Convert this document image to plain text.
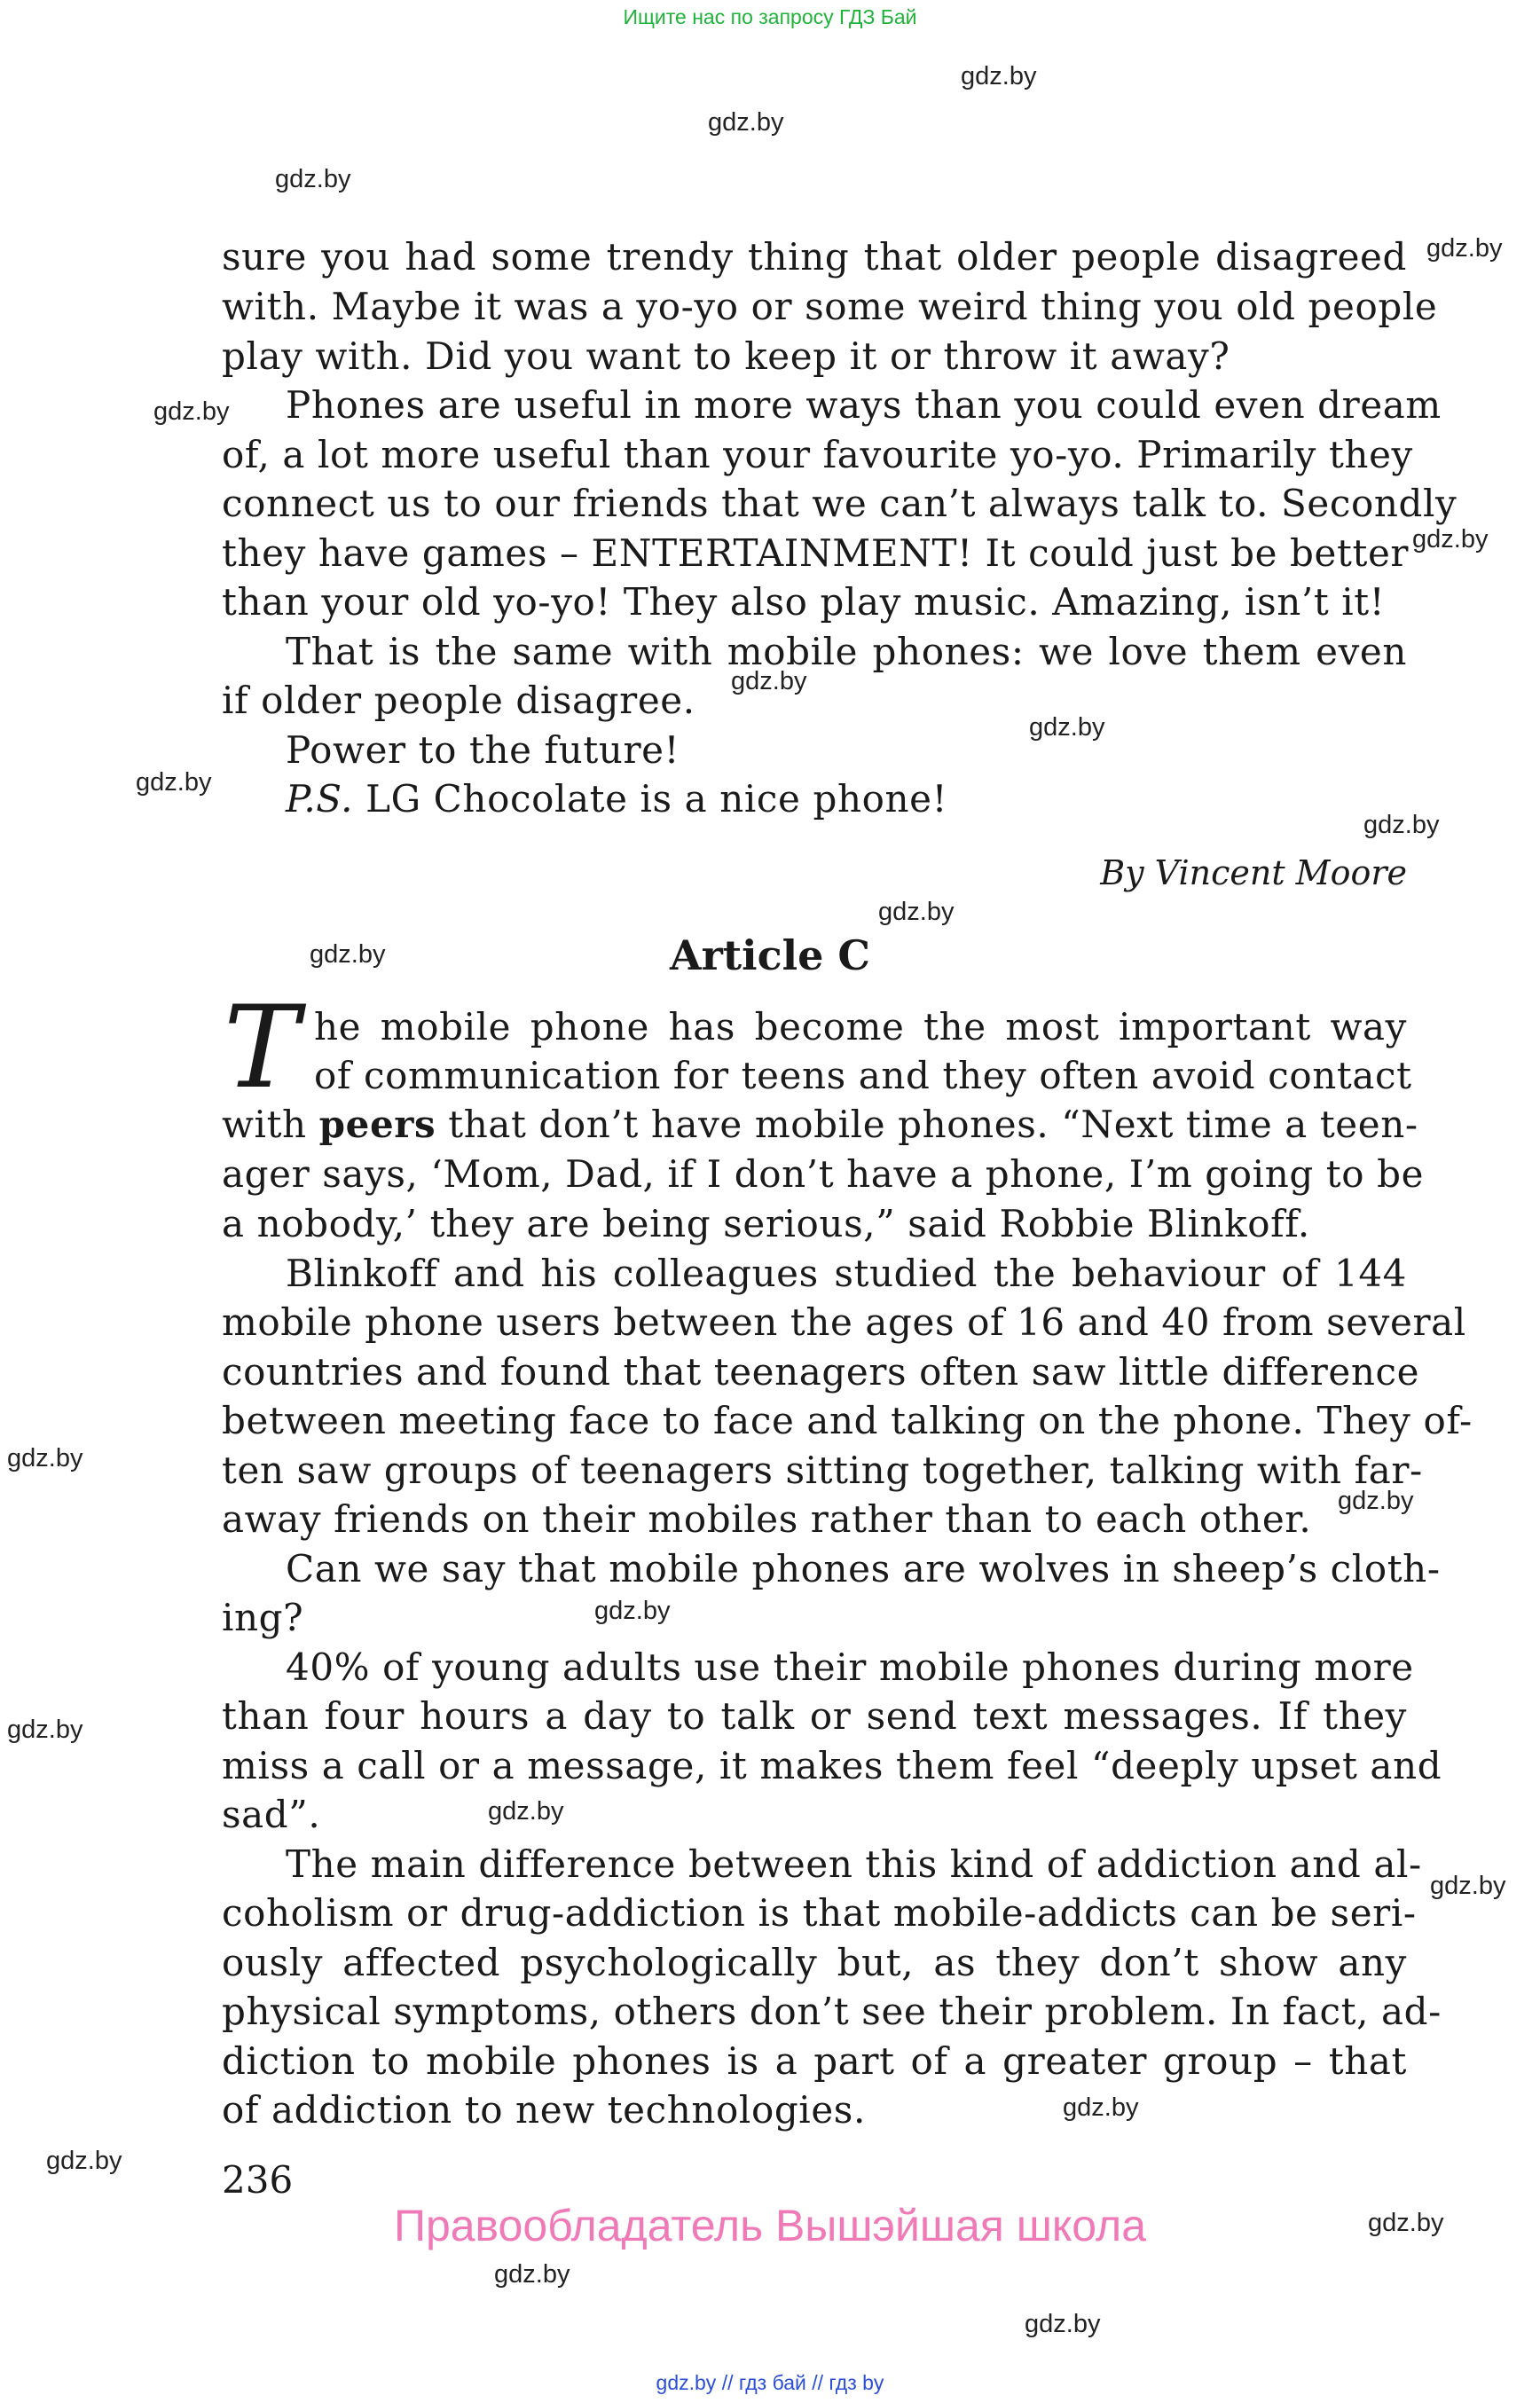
Ищите нас по запросу ГДЗ Бай
gdz.by
gdz.by
gdz.by
gdz.by
gdz.by
gdz.by
gdz.by
gdz.by
gdz.by
gdz.by
gdz.by
gdz.by
gdz.by
gdz.by
gdz.by
gdz.by
gdz.by
gdz.by
gdz.by
gdz.by
gdz.by
gdz.by
gdz.by
sure you had some trendy thing that older people disagreed
with. Maybe it was a yo-yo or some weird thing you old people
play with. Did you want to keep it or throw it away?
Phones are useful in more ways than you could even dream
of, a lot more useful than your favourite yo-yo. Primarily they
connect us to our friends that we can’t always talk to. Secondly
they have games – ENTERTAINMENT! It could just be better
than your old yo-yo! They also play music. Amazing, isn’t it!
That is the same with mobile phones: we love them even
if older people disagree.
Power to the future!
P.S. LG Chocolate is a nice phone!
By Vincent Moore
Article C
T he mobile phone has become the most important way
of communication for teens and they often avoid contact
with peers that don’t have mobile phones. “Next time a teen-
ager says, ‘Mom, Dad, if I don’t have a phone, I’m going to be
a nobody,’ they are being serious,” said Robbie Blinkoff.
Blinkoff and his colleagues studied the behaviour of 144
mobile phone users between the ages of 16 and 40 from several
countries and found that teenagers often saw little difference
between meeting face to face and talking on the phone. They of-
ten saw groups of teenagers sitting together, talking with far-
away friends on their mobiles rather than to each other.
Can we say that mobile phones are wolves in sheep’s cloth-
ing?
40% of young adults use their mobile phones during more
than four hours a day to talk or send text messages. If they
miss a call or a message, it makes them feel “deeply upset and
sad”.
The main difference between this kind of addiction and al-
coholism or drug-addiction is that mobile-addicts can be seri-
ously affected psychologically but, as they don’t show any
physical symptoms, others don’t see their problem. In fact, ad-
diction to mobile phones is a part of a greater group – that
of addiction to new technologies.
236
Правообладатель Вышэйшая школа
gdz.by // гдз бай // гдз by
